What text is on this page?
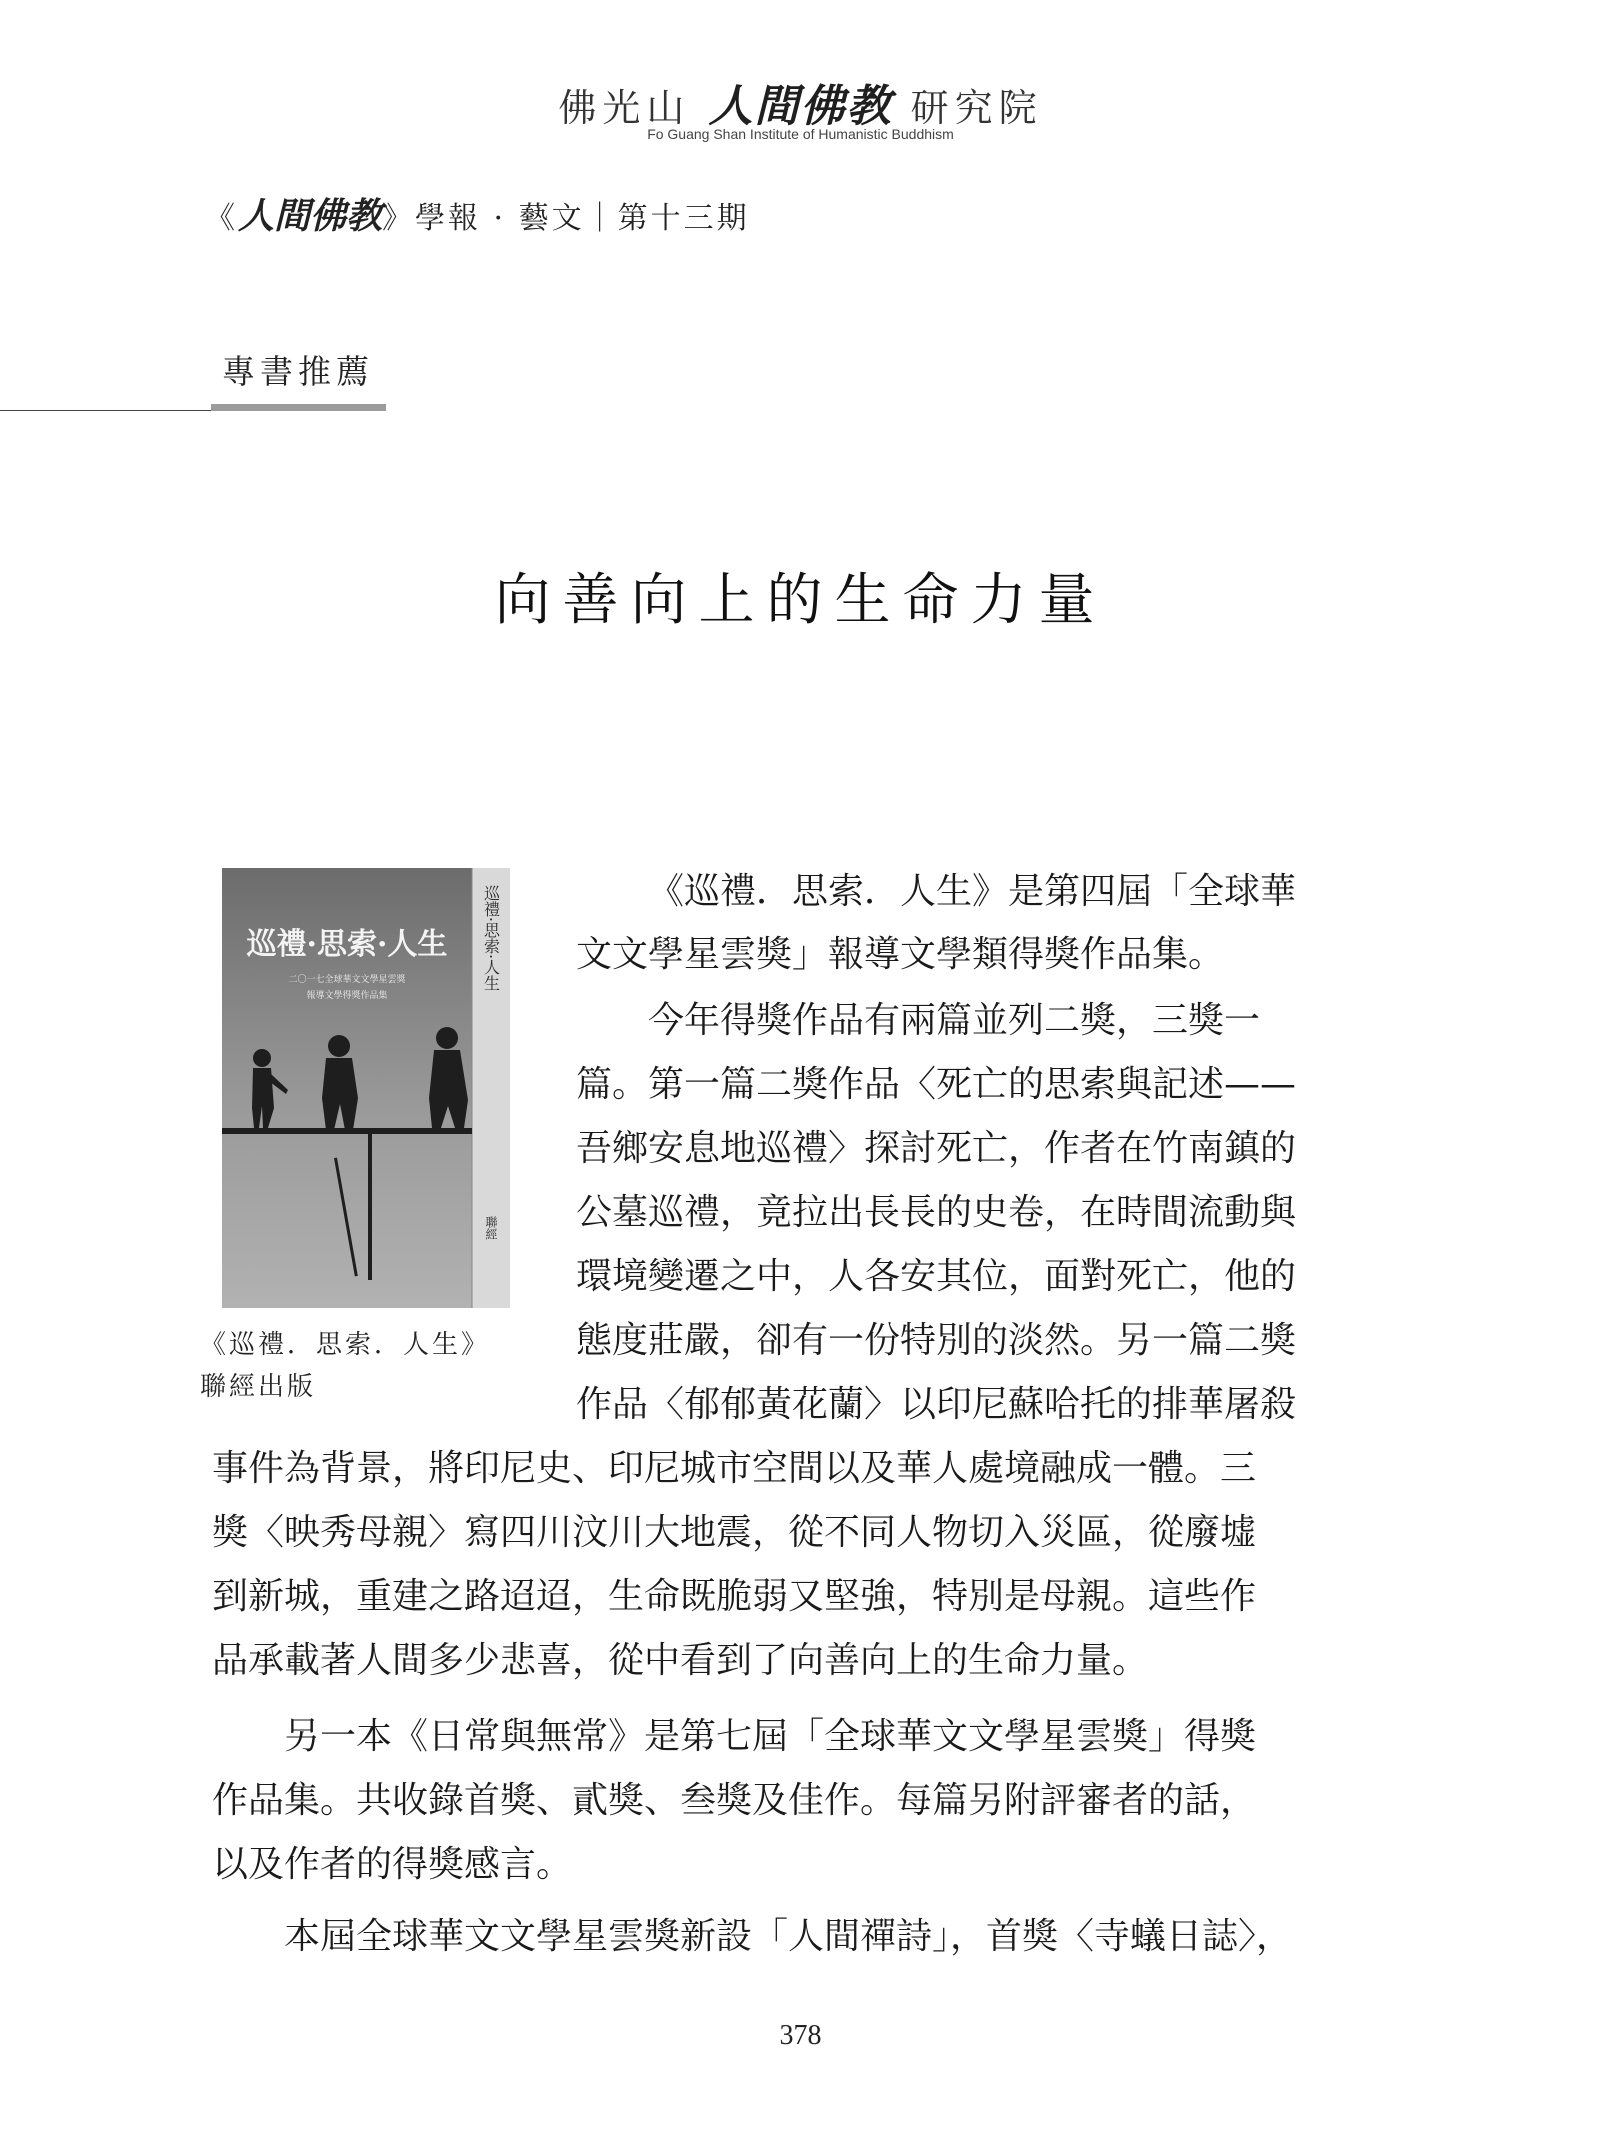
佛光山 人間佛教 研究院
Fo Guang Shan Institute of Humanistic Buddhism
《人間佛教》學報 · 藝文｜第十三期
專書推薦
向善向上的生命力量
巡禮·思索·人生
二〇一七全球華文文學星雲獎
報導文學得獎作品集
巡禮·思索·人生
聯經
《巡禮．思索．人生》
聯經出版
《巡禮．思索．人生》是第四屆「全球華
文文學星雲獎」報導文學類得獎作品集。
今年得獎作品有兩篇並列二獎，三獎一
篇。第一篇二獎作品〈死亡的思索與記述——
吾鄉安息地巡禮〉探討死亡，作者在竹南鎮的
公墓巡禮，竟拉出長長的史卷，在時間流動與
環境變遷之中，人各安其位，面對死亡，他的
態度莊嚴，卻有一份特別的淡然。另一篇二獎
作品〈郁郁黃花蘭〉以印尼蘇哈托的排華屠殺
事件為背景，將印尼史、印尼城市空間以及華人處境融成一體。三
獎〈映秀母親〉寫四川汶川大地震，從不同人物切入災區，從廢墟
到新城，重建之路迢迢，生命既脆弱又堅強，特別是母親。這些作
品承載著人間多少悲喜，從中看到了向善向上的生命力量。
另一本《日常與無常》是第七屆「全球華文文學星雲獎」得獎
作品集。共收錄首獎、貳獎、叁獎及佳作。每篇另附評審者的話，
以及作者的得獎感言。
本屆全球華文文學星雲獎新設「人間禪詩」，首獎〈寺蟻日誌〉，
378
